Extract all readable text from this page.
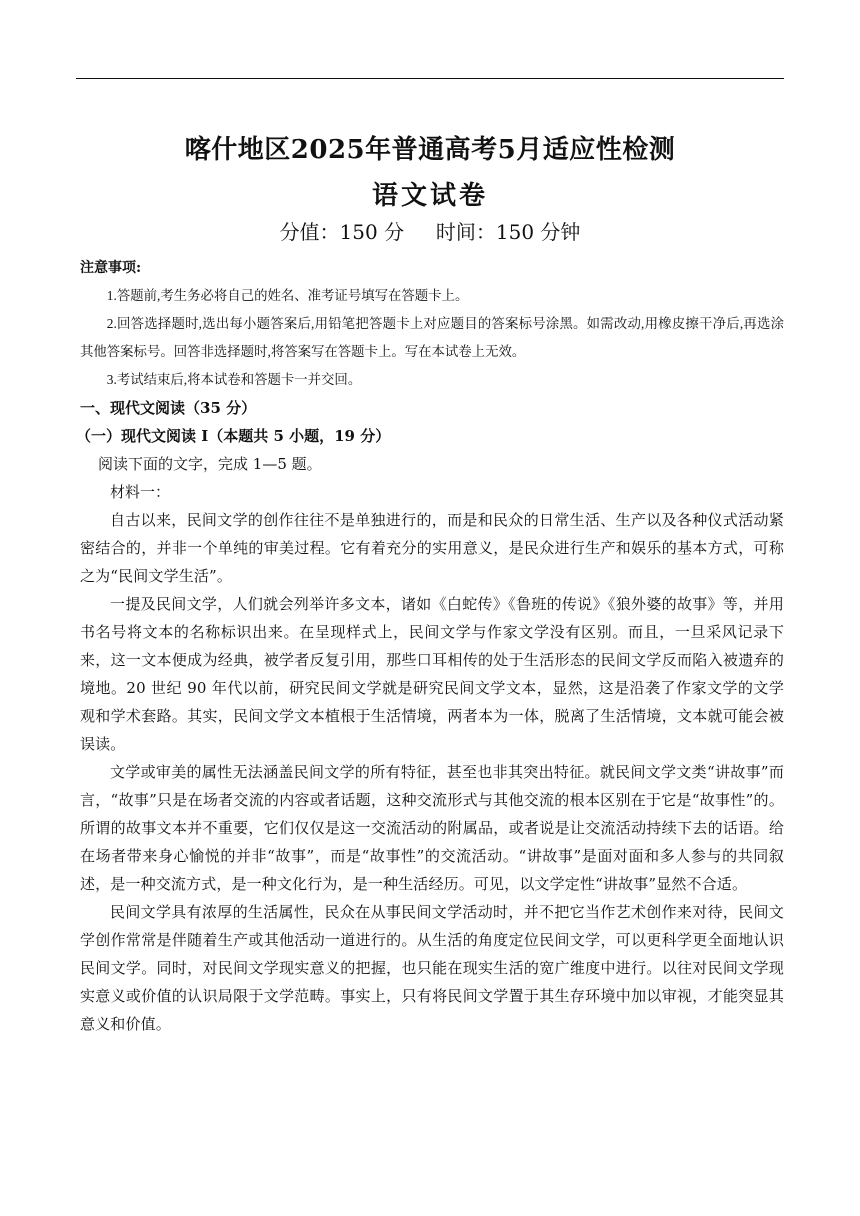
喀什地区2025年普通高考5月适应性检测
语文试卷
分值：150 分     时间：150 分钟

注意事项:

1.答题前,考生务必将自己的姓名、准考证号填写在答题卡上。

2.回答选择题时,选出每小题答案后,用铅笔把答题卡上对应题目的答案标号涂黑。如需改动,用橡皮擦干净后,再选涂其他答案标号。回答非选择题时,将答案写在答题卡上。写在本试卷上无效。

3.考试结束后,将本试卷和答题卡一并交回。

一、现代文阅读（35 分）

（一）现代文阅读 I（本题共 5 小题，19 分）

阅读下面的文字，完成 1—5 题。

材料一：

自古以来，民间文学的创作往往不是单独进行的，而是和民众的日常生活、生产以及各种仪式活动紧密结合的，并非一个单纯的审美过程。它有着充分的实用意义，是民众进行生产和娱乐的基本方式，可称之为“民间文学生活”。

一提及民间文学，人们就会列举许多文本，诸如《白蛇传》《鲁班的传说》《狼外婆的故事》等，并用书名号将文本的名称标识出来。在呈现样式上，民间文学与作家文学没有区别。而且，一旦采风记录下来，这一文本便成为经典，被学者反复引用，那些口耳相传的处于生活形态的民间文学反而陷入被遗弃的境地。20 世纪 90 年代以前，研究民间文学就是研究民间文学文本，显然，这是沿袭了作家文学的文学观和学术套路。其实，民间文学文本植根于生活情境，两者本为一体，脱离了生活情境，文本就可能会被误读。

文学或审美的属性无法涵盖民间文学的所有特征，甚至也非其突出特征。就民间文学文类“讲故事”而言，“故事”只是在场者交流的内容或者话题，这种交流形式与其他交流的根本区别在于它是“故事性”的。所谓的故事文本并不重要，它们仅仅是这一交流活动的附属品，或者说是让交流活动持续下去的话语。给在场者带来身心愉悦的并非“故事”，而是“故事性”的交流活动。“讲故事”是面对面和多人参与的共同叙述，是一种交流方式，是一种文化行为，是一种生活经历。可见，以文学定性“讲故事”显然不合适。

民间文学具有浓厚的生活属性，民众在从事民间文学活动时，并不把它当作艺术创作来对待，民间文学创作常常是伴随着生产或其他活动一道进行的。从生活的角度定位民间文学，可以更科学更全面地认识民间文学。同时，对民间文学现实意义的把握，也只能在现实生活的宽广维度中进行。以往对民间文学现实意义或价值的认识局限于文学范畴。事实上，只有将民间文学置于其生存环境中加以审视，才能突显其意义和价值。
